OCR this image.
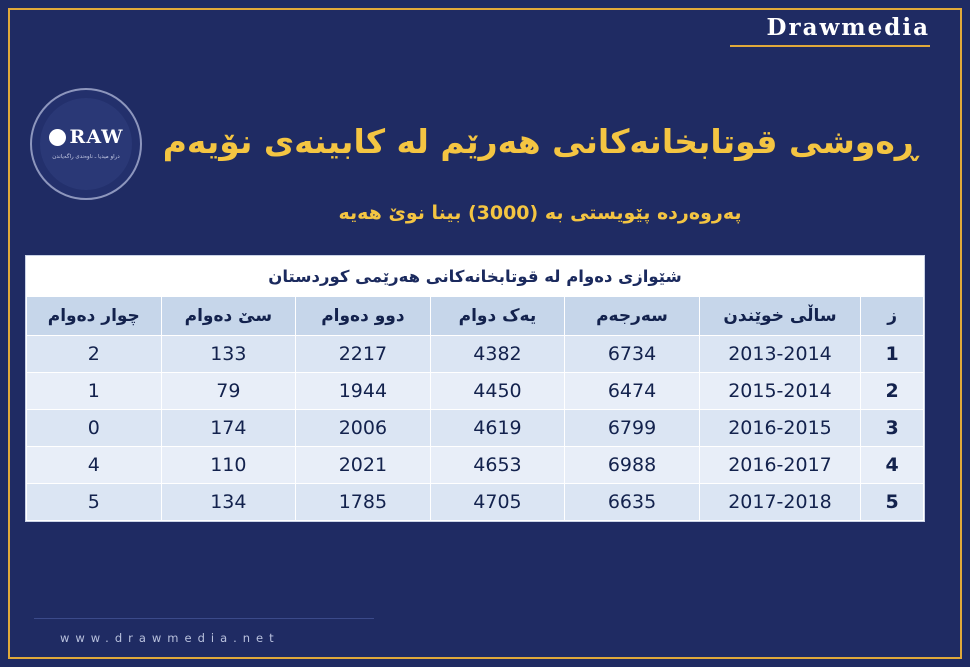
Drawmedia
RAW
دراو میدیا ـ ناوەندی راگەیاندن	ڕەوشی قوتابخانەکانی هەرێم لە کابینەی نۆیەم
پەروەردە پێویستی بە (3000) بینا نوێ هەیە
شێوازی دەوام لە قوتابخانەکانی هەرێمی کوردستان
ز	ساڵی خوێندن	سەرجەم	یەک دوام	دوو دەوام	سێ دەوام	چوار دەوام
1	2013-2014	6734	4382	2217	133	2
2	2015-2014	6474	4450	1944	79	1
3	2016-2015	6799	4619	2006	174	0
4	2016-2017	6988	4653	2021	110	4
5	2017-2018	6635	4705	1785	134	5
www.drawmedia.net
